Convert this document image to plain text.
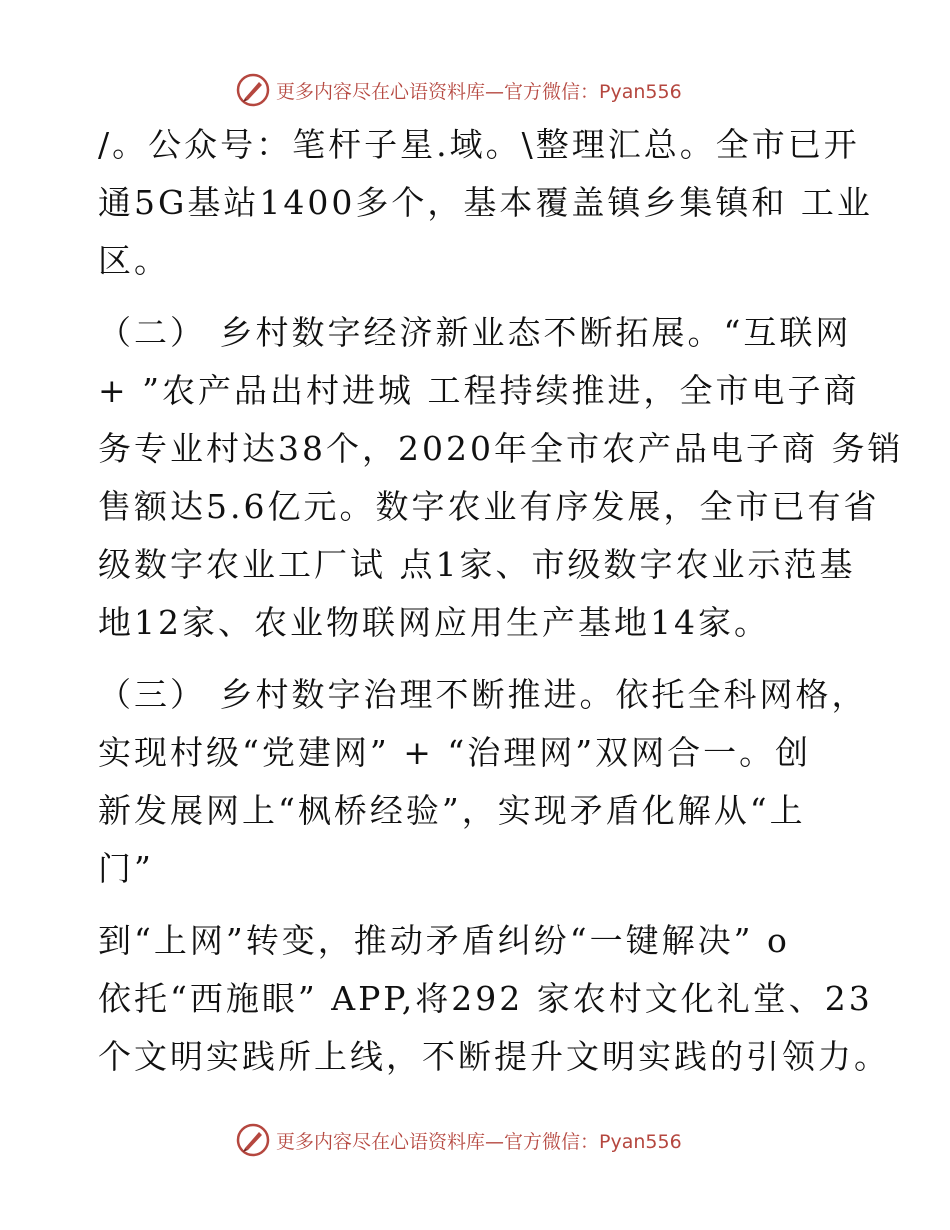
更多内容尽在心语资料库—官方微信：Pyan556
/。公众号：笔杆子星.域。\整理汇总。全市已开
通5G基站1400多个，基本覆盖镇乡集镇和 工业
区。
（二） 乡村数字经济新业态不断拓展。“互联网
+ ”农产品出村进城 工程持续推进，全市电子商
务专业村达38个，2020年全市农产品电子商 务销
售额达5.6亿元。数字农业有序发展，全市已有省
级数字农业工厂试 点1家、市级数字农业示范基
地12家、农业物联网应用生产基地14家。
（三） 乡村数字治理不断推进。依托全科网格，
实现村级“党建网” + “治理网”双网合一。创
新发展网上“枫桥经验”，实现矛盾化解从“上
门”
到“上网”转变，推动矛盾纠纷“一键解决” o
依托“西施眼” APP,将292 家农村文化礼堂、23
个文明实践所上线，不断提升文明实践的引领力。
更多内容尽在心语资料库—官方微信：Pyan556
